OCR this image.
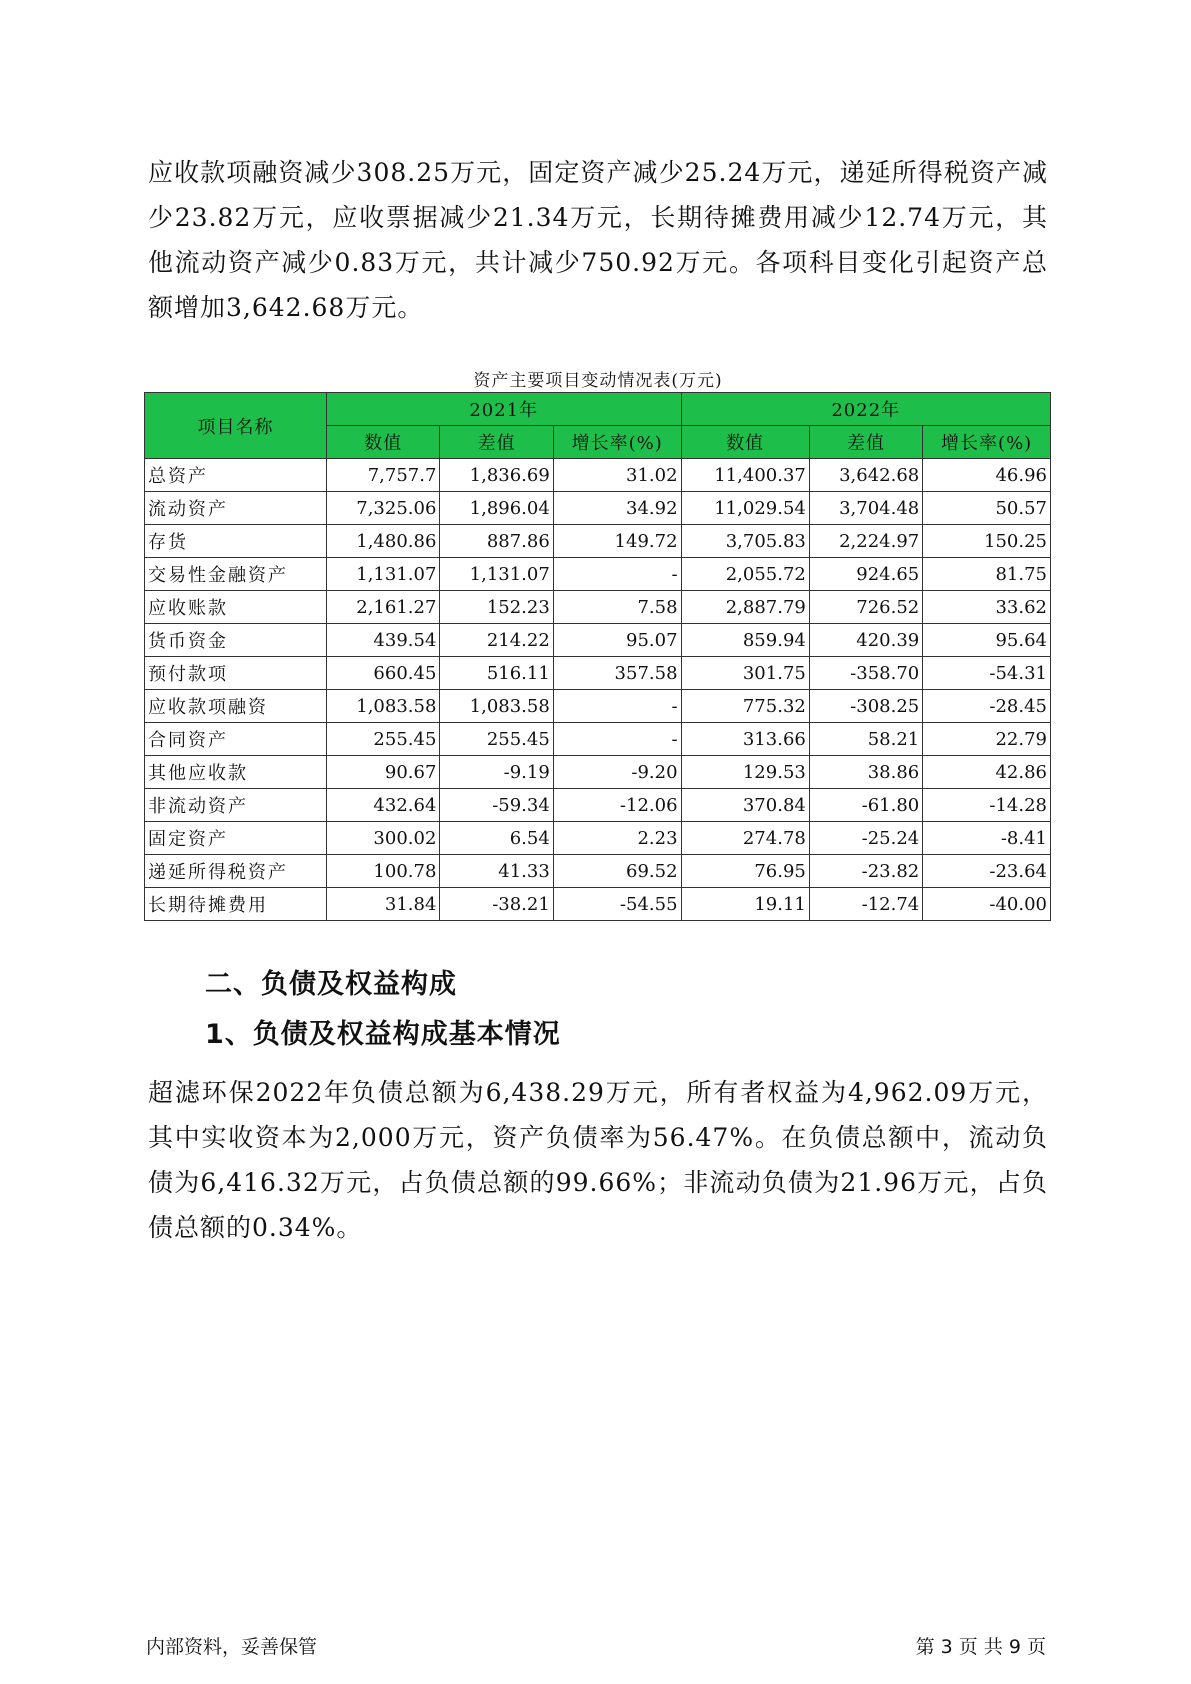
应收款项融资减少308.25万元，固定资产减少25.24万元，递延所得税资产减少23.82万元，应收票据减少21.34万元，长期待摊费用减少12.74万元，其他流动资产减少0.83万元，共计减少750.92万元。各项科目变化引起资产总额增加3,642.68万元。

资产主要项目变动情况表(万元)
项目名称	2021年			2022年		
	数值	差值	增长率(%)	数值	差值	增长率(%)
总资产	7,757.7	1,836.69	31.02	11,400.37	3,642.68	46.96
流动资产	7,325.06	1,896.04	34.92	11,029.54	3,704.48	50.57
存货	1,480.86	887.86	149.72	3,705.83	2,224.97	150.25
交易性金融资产	1,131.07	1,131.07	-	2,055.72	924.65	81.75
应收账款	2,161.27	152.23	7.58	2,887.79	726.52	33.62
货币资金	439.54	214.22	95.07	859.94	420.39	95.64
预付款项	660.45	516.11	357.58	301.75	-358.70	-54.31
应收款项融资	1,083.58	1,083.58	-	775.32	-308.25	-28.45
合同资产	255.45	255.45	-	313.66	58.21	22.79
其他应收款	90.67	-9.19	-9.20	129.53	38.86	42.86
非流动资产	432.64	-59.34	-12.06	370.84	-61.80	-14.28
固定资产	300.02	6.54	2.23	274.78	-25.24	-8.41
递延所得税资产	100.78	41.33	69.52	76.95	-23.82	-23.64
长期待摊费用	31.84	-38.21	-54.55	19.11	-12.74	-40.00
二、负债及权益构成
1、负债及权益构成基本情况

超滤环保2022年负债总额为6,438.29万元，所有者权益为4,962.09万元，其中实收资本为2,000万元，资产负债率为56.47%。在负债总额中，流动负债为6,416.32万元，占负债总额的99.66%；非流动负债为21.96万元，占负债总额的0.34%。

内部资料，妥善保管	第 3 页 共 9 页
